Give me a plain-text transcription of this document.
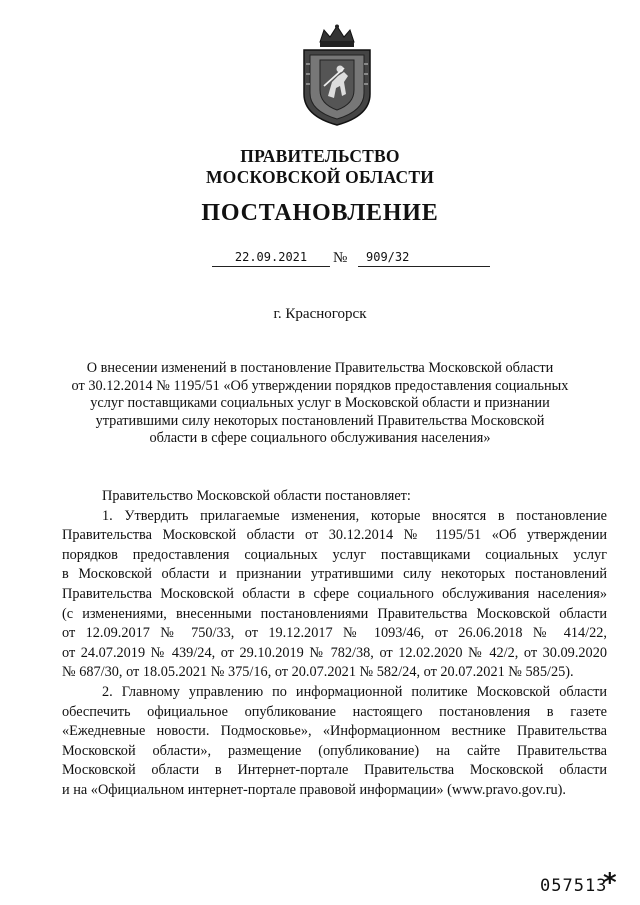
ПРАВИТЕЛЬСТВО
МОСКОВСКОЙ ОБЛАСТИ
ПОСТАНОВЛЕНИЕ
22.09.2021	№	909/32
г. Красногорск
О внесении изменений в постановление Правительства Московской области
от 30.12.2014 № 1195/51 «Об утверждении порядков предоставления социальных
услуг поставщиками социальных услуг в Московской области и признании
утратившими силу некоторых постановлений Правительства Московской
области в сфере социального обслуживания населения»
Правительство Московской области постановляет:
1. Утвердить прилагаемые изменения, которые вносятся в постановление
Правительства Московской области от 30.12.2014 № 1195/51 «Об утверждении
порядков предоставления социальных услуг поставщиками социальных услуг
в Московской области и признании утратившими силу некоторых постановлений
Правительства Московской области в сфере социального обслуживания населения»
(с изменениями, внесенными постановлениями Правительства Московской области
от 12.09.2017 № 750/33, от 19.12.2017 № 1093/46, от 26.06.2018 № 414/22,
от 24.07.2019 № 439/24, от 29.10.2019 № 782/38, от 12.02.2020 № 42/2, от 30.09.2020
№ 687/30, от 18.05.2021 № 375/16, от 20.07.2021 № 582/24, от 20.07.2021 № 585/25).
2. Главному управлению по информационной политике Московской области
обеспечить официальное опубликование настоящего постановления в газете
«Ежедневные новости. Подмосковье», «Информационном вестнике Правительства
Московской области», размещение (опубликование) на сайте Правительства
Московской области в Интернет-портале Правительства Московской области
и на «Официальном интернет-портале правовой информации» (www.pravo.gov.ru).
057513
*
